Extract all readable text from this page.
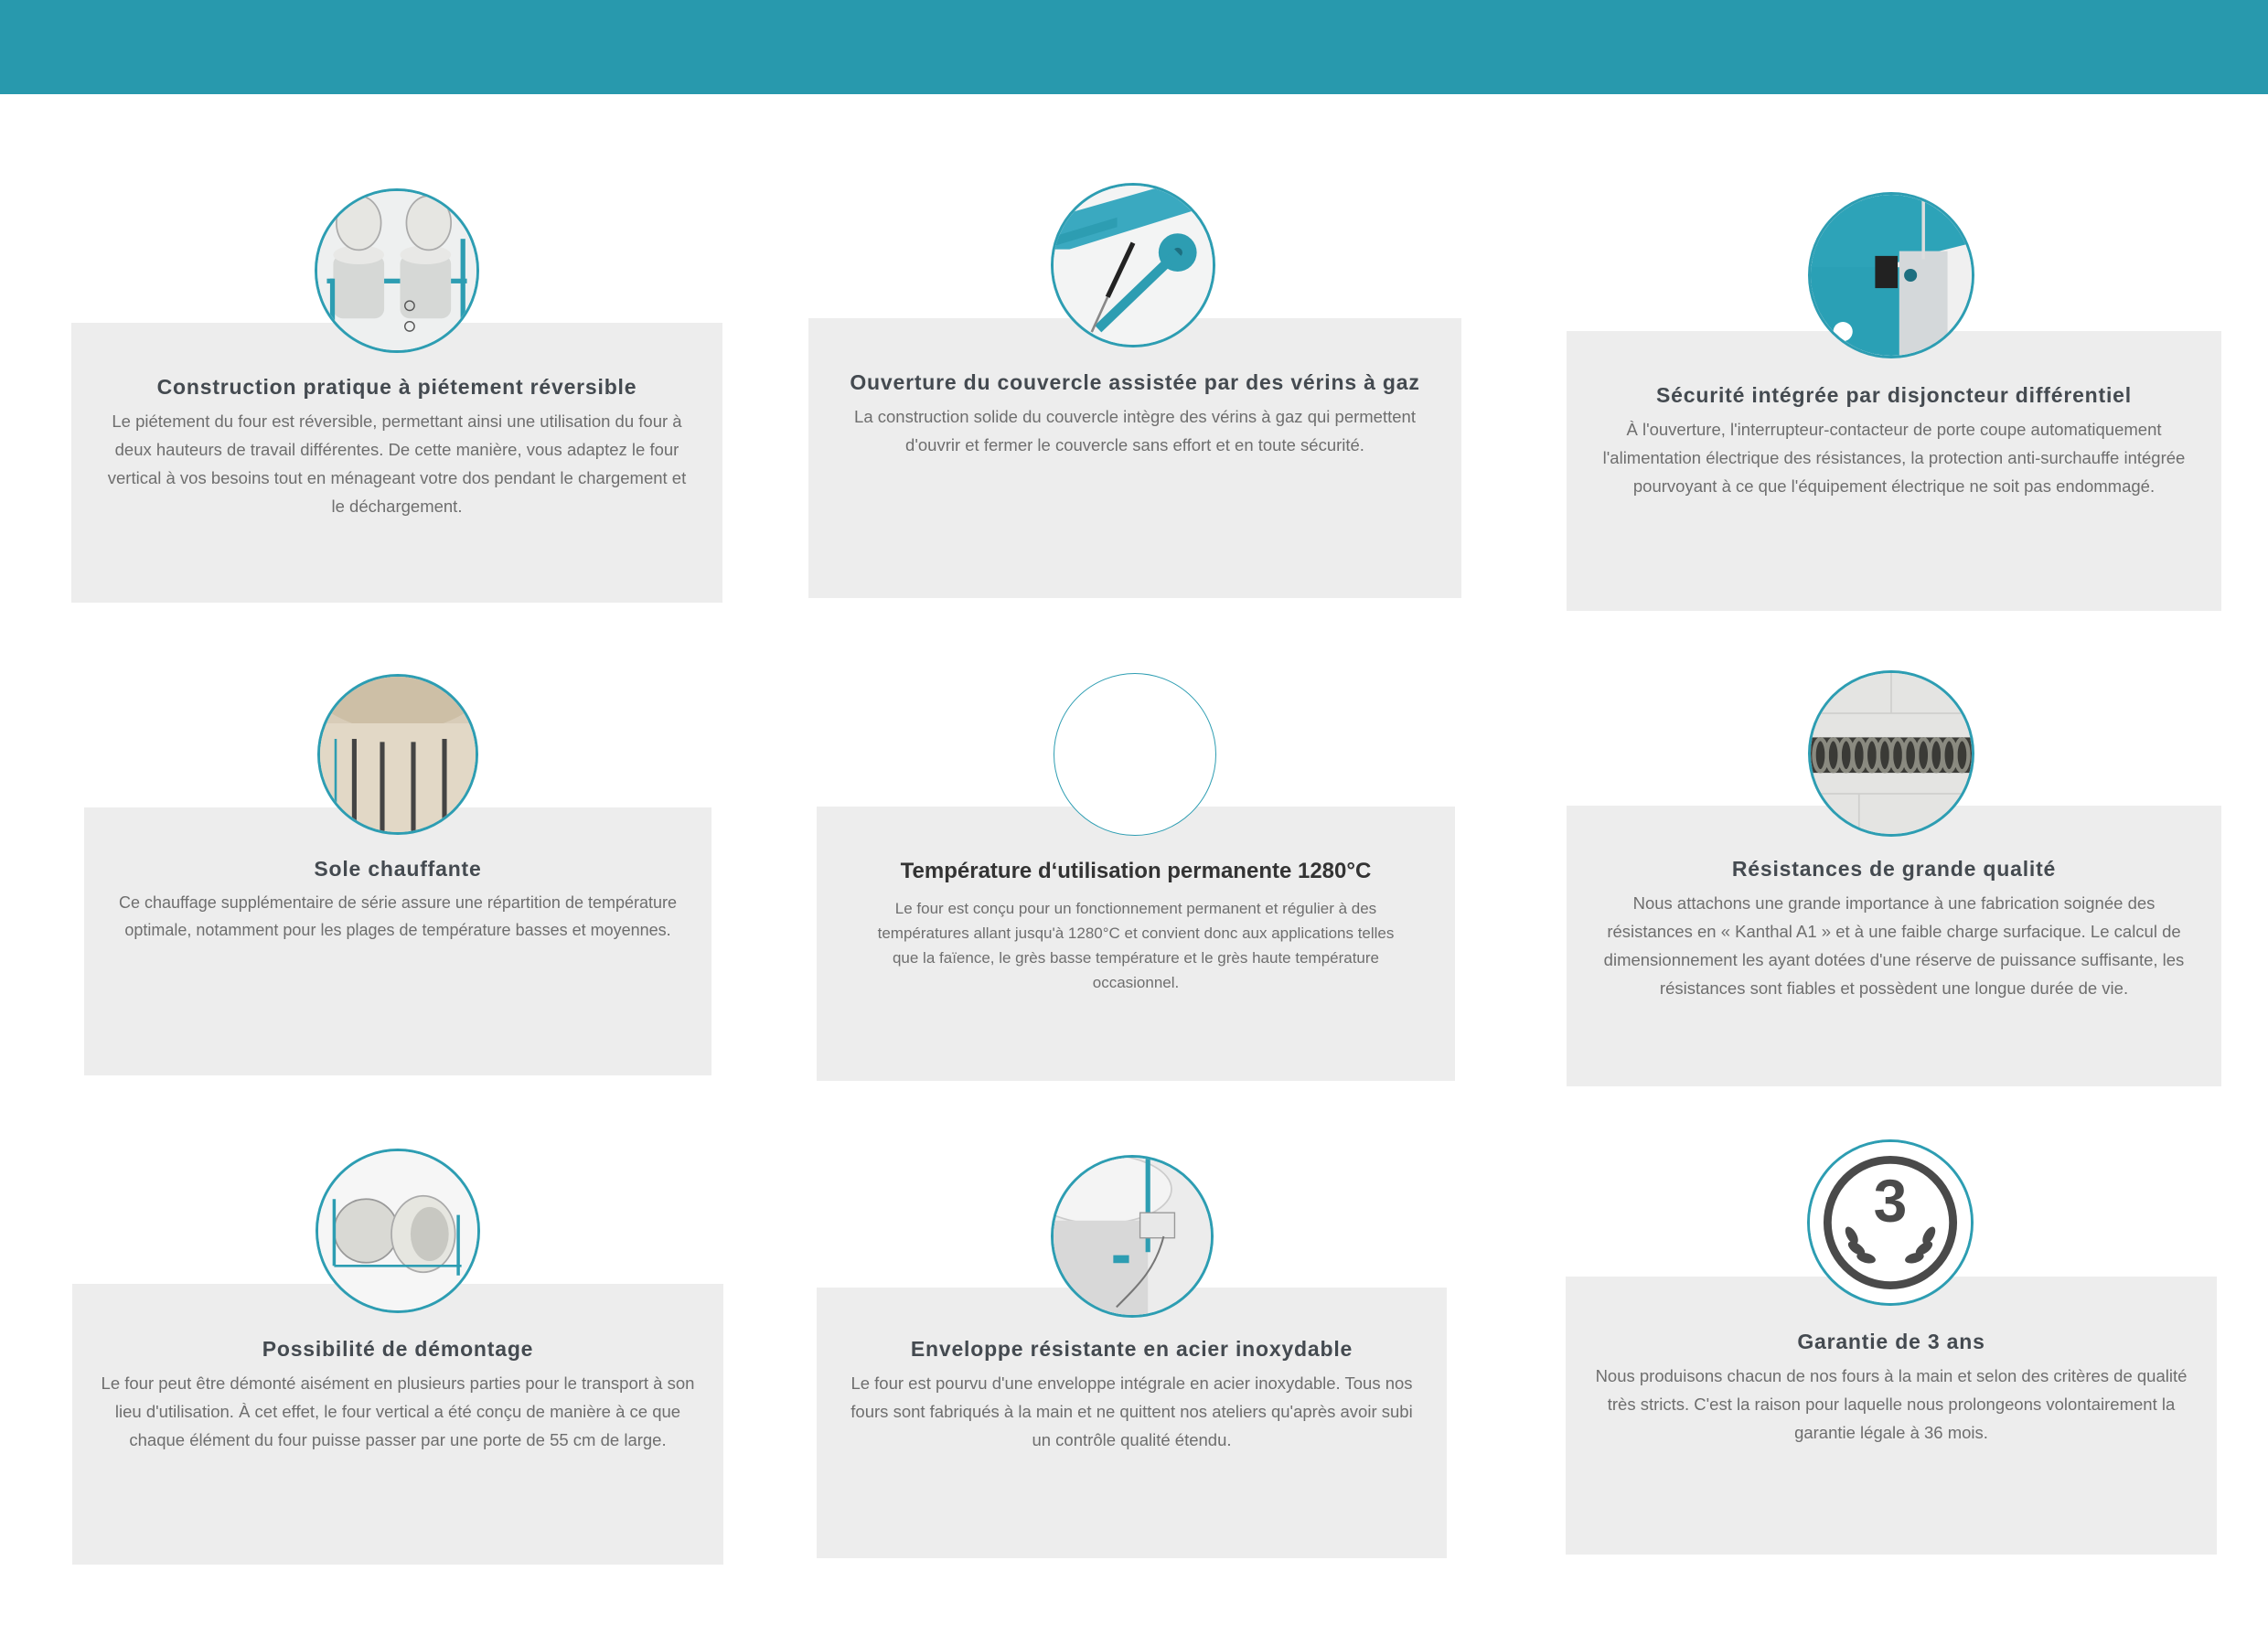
Construction pratique à piétement réversible

Le piétement du four est réversible, permettant ainsi une utilisation du four à deux hauteurs de travail différentes. De cette manière, vous adaptez le four vertical à vos besoins tout en ménageant votre dos pendant le chargement et le déchargement.

Ouverture du couvercle assistée par des vérins à gaz

La construction solide du couvercle intègre des vérins à gaz qui permettent d'ouvrir et fermer le couvercle sans effort et en toute sécurité.

Sécurité intégrée par disjoncteur différentiel

À l'ouverture, l'interrupteur-contacteur de porte coupe automatiquement l'alimentation électrique des résistances, la protection anti-surchauffe intégrée pourvoyant à ce que l'équipement électrique ne soit pas endommagé.

Sole chauffante

Ce chauffage supplémentaire de série assure une répartition de température optimale, notamment pour les plages de température basses et moyennes.

Température d‘utilisation permanente 1280°C

Le four est conçu pour un fonctionnement permanent et régulier à des températures allant jusqu'à 1280°C et convient donc aux applications telles que la faïence, le grès basse température et le grès haute température occasionnel.

Résistances de grande qualité

Nous attachons une grande importance à une fabrication soignée des résistances en « Kanthal A1 » et à une faible charge surfacique. Le calcul de dimensionnement les ayant dotées d'une réserve de puissance suffisante, les résistances sont fiables et possèdent une longue durée de vie.

Possibilité de démontage

Le four peut être démonté aisément en plusieurs parties pour le transport à son lieu d'utilisation. À cet effet, le four vertical a été conçu de manière à ce que chaque élément du four puisse passer par une porte de 55 cm de large.

Enveloppe résistante en acier inoxydable

Le four est pourvu d'une enveloppe intégrale en acier inoxydable. Tous nos fours sont fabriqués à la main et ne quittent nos ateliers qu'après avoir subi un contrôle qualité étendu.

Garantie de 3 ans

Nous produisons chacun de nos fours à la main et selon des critères de qualité très stricts. C'est la raison pour laquelle nous prolongeons volontairement la garantie légale à 36 mois.

3
